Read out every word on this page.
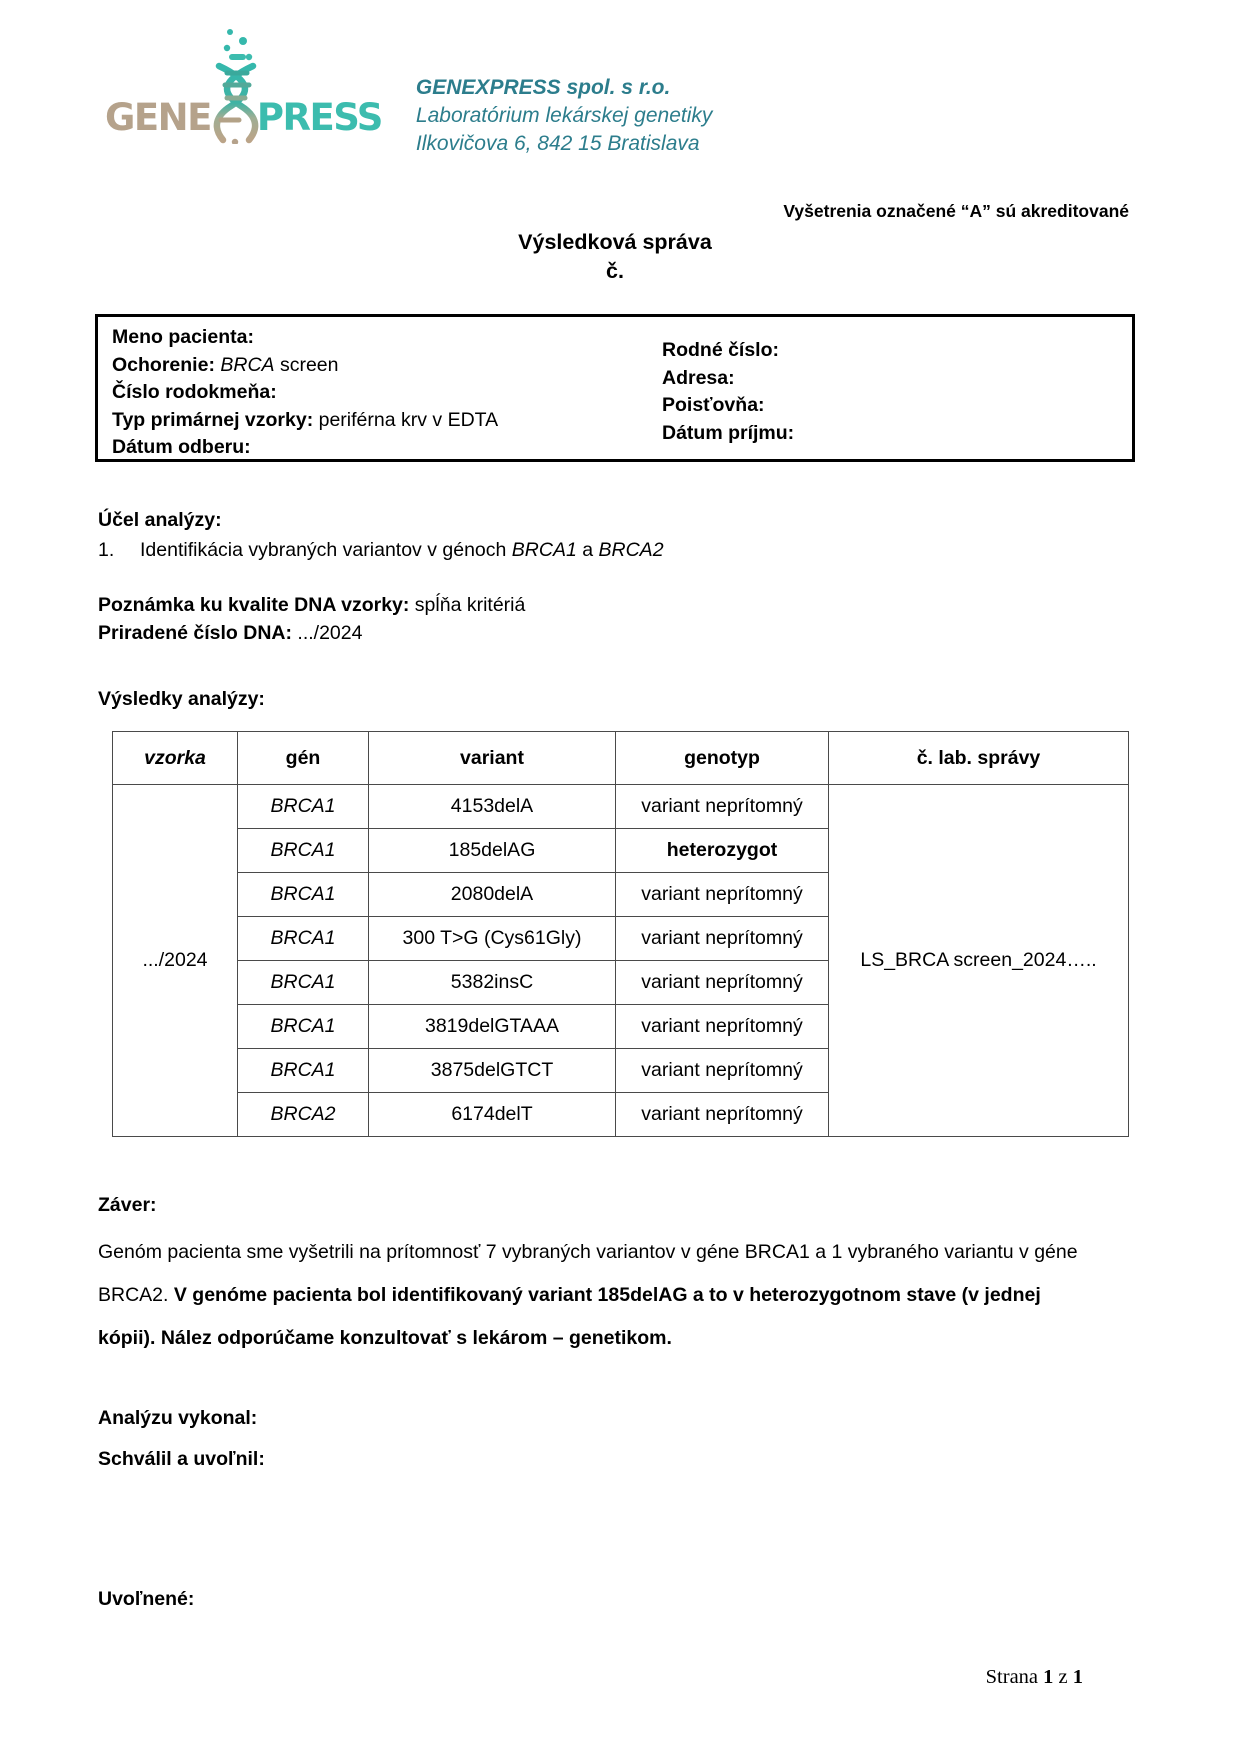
GENE PRESS
GENEXPRESS spol. s r.o.
Laboratórium lekárskej genetiky
Ilkovičova 6, 842 15 Bratislava
Vyšetrenia označené “A” sú akreditované
Výsledková správa
č.
Meno pacienta:
Ochorenie: BRCA screen
Číslo rodokmeňa:
Typ primárnej vzorky: periférna krv v EDTA
Dátum odberu:
Rodné číslo:
Adresa:
Poisťovňa:
Dátum príjmu:
Účel analýzy:
1.	Identifikácia vybraných variantov v génoch BRCA1 a BRCA2
Poznámka ku kvalite DNA vzorky: spĺňa kritériá
Priradené číslo DNA: .../2024
Výsledky analýzy:
vzorka	gén	variant	genotyp	č. lab. správy
.../2024	BRCA1	4153delA	variant neprítomný	LS_BRCA screen_2024…..
	BRCA1	185delAG	heterozygot	
	BRCA1	2080delA	variant neprítomný	
	BRCA1	300 T>G (Cys61Gly)	variant neprítomný	
	BRCA1	5382insC	variant neprítomný	
	BRCA1	3819delGTAAA	variant neprítomný	
	BRCA1	3875delGTCT	variant neprítomný	
	BRCA2	6174delT	variant neprítomný	
Záver:
Genóm pacienta sme vyšetrili na prítomnosť 7 vybraných variantov v géne BRCA1 a 1 vybraného variantu v géne BRCA2. V genóme pacienta bol identifikovaný variant 185delAG a to v heterozygotnom stave (v jednej kópii). Nález odporúčame konzultovať s lekárom – genetikom.
Analýzu vykonal:
Schválil a uvoľnil:
Uvoľnené:
Strana 1 z 1
